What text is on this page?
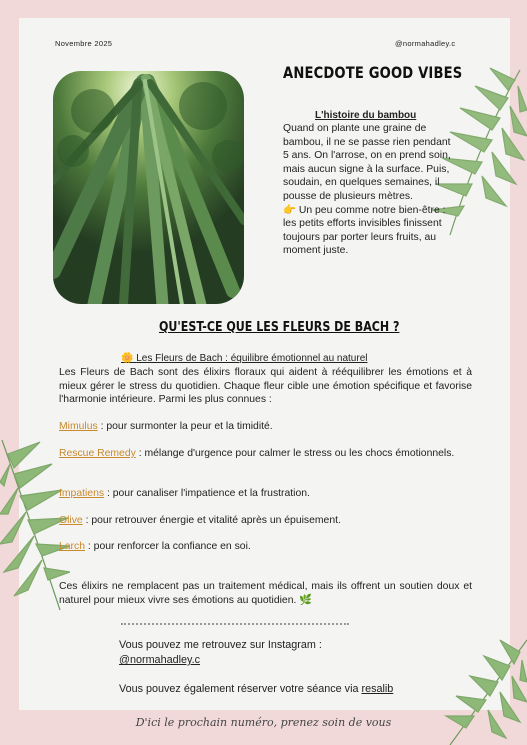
Novembre 2025	@normahadley.c
ANECDOTE GOOD VIBES
L'histoire du bambou
Quand on plante une graine de bambou, il ne se passe rien pendant 5 ans. On l'arrose, on en prend soin, mais aucun signe à la surface. Puis, soudain, en quelques semaines, il pousse de plusieurs mètres.
👉 Un peu comme notre bien-être : les petits efforts invisibles finissent toujours par porter leurs fruits, au moment juste.
QU'EST-CE QUE LES FLEURS DE BACH ?
🌼 Les Fleurs de Bach : équilibre émotionnel au naturel
Les Fleurs de Bach sont des élixirs floraux qui aident à rééquilibrer les émotions et à mieux gérer le stress du quotidien. Chaque fleur cible une émotion spécifique et favorise l'harmonie intérieure. Parmi les plus connues :
Mimulus : pour surmonter la peur et la timidité.
Rescue Remedy : mélange d'urgence pour calmer le stress ou les chocs émotionnels.
Impatiens : pour canaliser l'impatience et la frustration.
Olive : pour retrouver énergie et vitalité après un épuisement.
Larch : pour renforcer la confiance en soi.
Ces élixirs ne remplacent pas un traitement médical, mais ils offrent un soutien doux et naturel pour mieux vivre ses émotions au quotidien. 🌿
Vous pouvez me retrouvez sur Instagram :
@normahadley.c
Vous pouvez également réserver votre séance via resalib
D'ici le prochain numéro, prenez soin de vous
